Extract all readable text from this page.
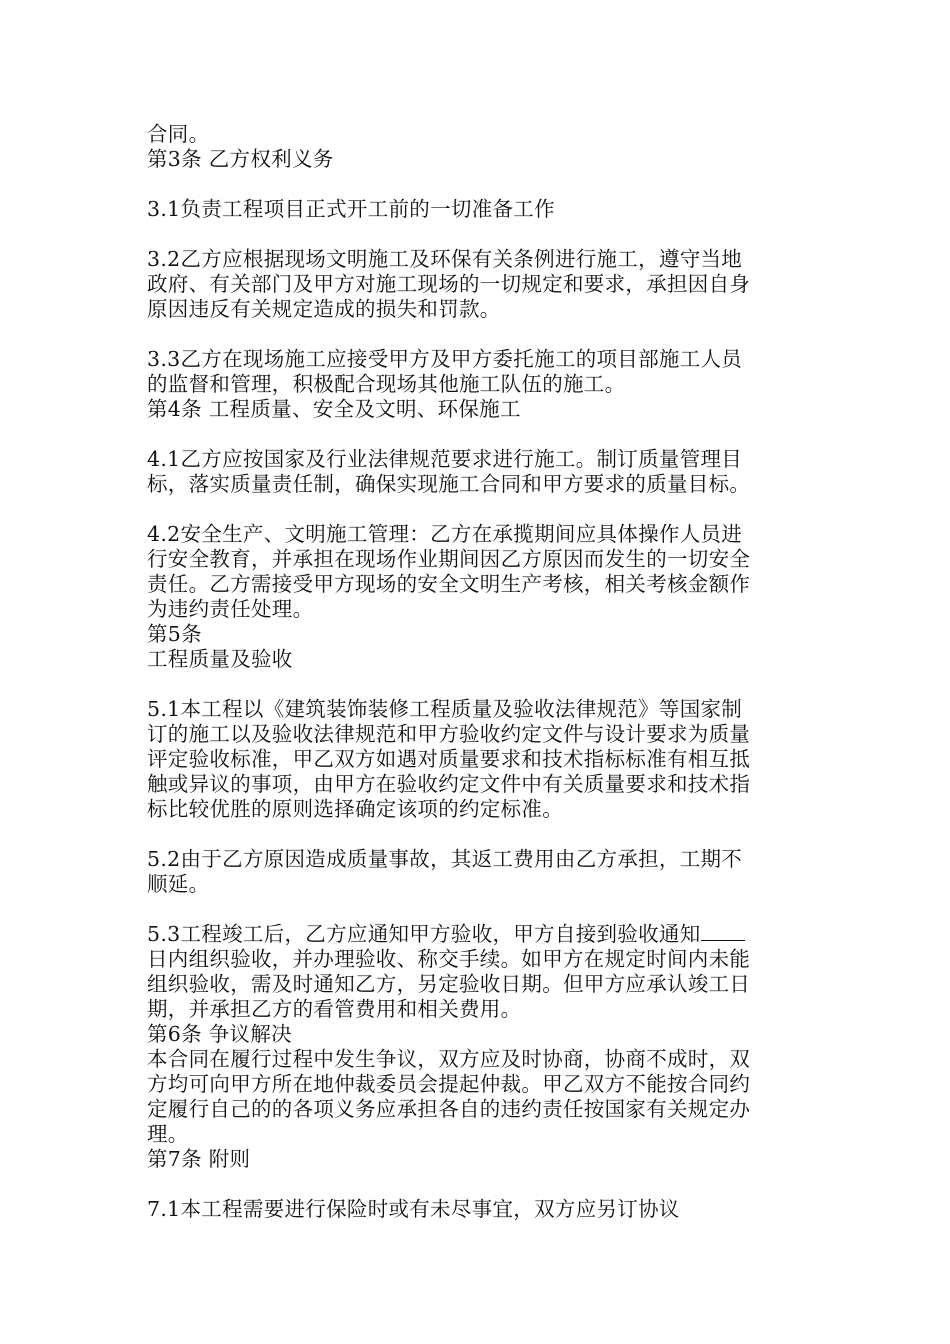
合同。
第3条 乙方权利义务
3.1负责工程项目正式开工前的一切准备工作
3.2乙方应根据现场文明施工及环保有关条例进行施工，遵守当地
政府、有关部门及甲方对施工现场的一切规定和要求，承担因自身
原因违反有关规定造成的损失和罚款。
3.3乙方在现场施工应接受甲方及甲方委托施工的项目部施工人员
的监督和管理，积极配合现场其他施工队伍的施工。
第4条 工程质量、安全及文明、环保施工
4.1乙方应按国家及行业法律规范要求进行施工。制订质量管理目
标，落实质量责任制，确保实现施工合同和甲方要求的质量目标。
4.2安全生产、文明施工管理：乙方在承揽期间应具体操作人员进
行安全教育，并承担在现场作业期间因乙方原因而发生的一切安全
责任。乙方需接受甲方现场的安全文明生产考核，相关考核金额作
为违约责任处理。
第5条
工程质量及验收
5.1本工程以《建筑装饰装修工程质量及验收法律规范》等国家制
订的施工以及验收法律规范和甲方验收约定文件与设计要求为质量
评定验收标准，甲乙双方如遇对质量要求和技术指标标准有相互抵
触或异议的事项，由甲方在验收约定文件中有关质量要求和技术指
标比较优胜的原则选择确定该项的约定标准。
5.2由于乙方原因造成质量事故，其返工费用由乙方承担，工期不
顺延。
5.3工程竣工后，乙方应通知甲方验收，甲方自接到验收通知
日内组织验收，并办理验收、称交手续。如甲方在规定时间内未能
组织验收，需及时通知乙方，另定验收日期。但甲方应承认竣工日
期，并承担乙方的看管费用和相关费用。
第6条 争议解决
本合同在履行过程中发生争议，双方应及时协商，协商不成时，双
方均可向甲方所在地仲裁委员会提起仲裁。甲乙双方不能按合同约
定履行自己的的各项义务应承担各自的违约责任按国家有关规定办
理。
第7条 附则
7.1本工程需要进行保险时或有未尽事宜，双方应另订协议
